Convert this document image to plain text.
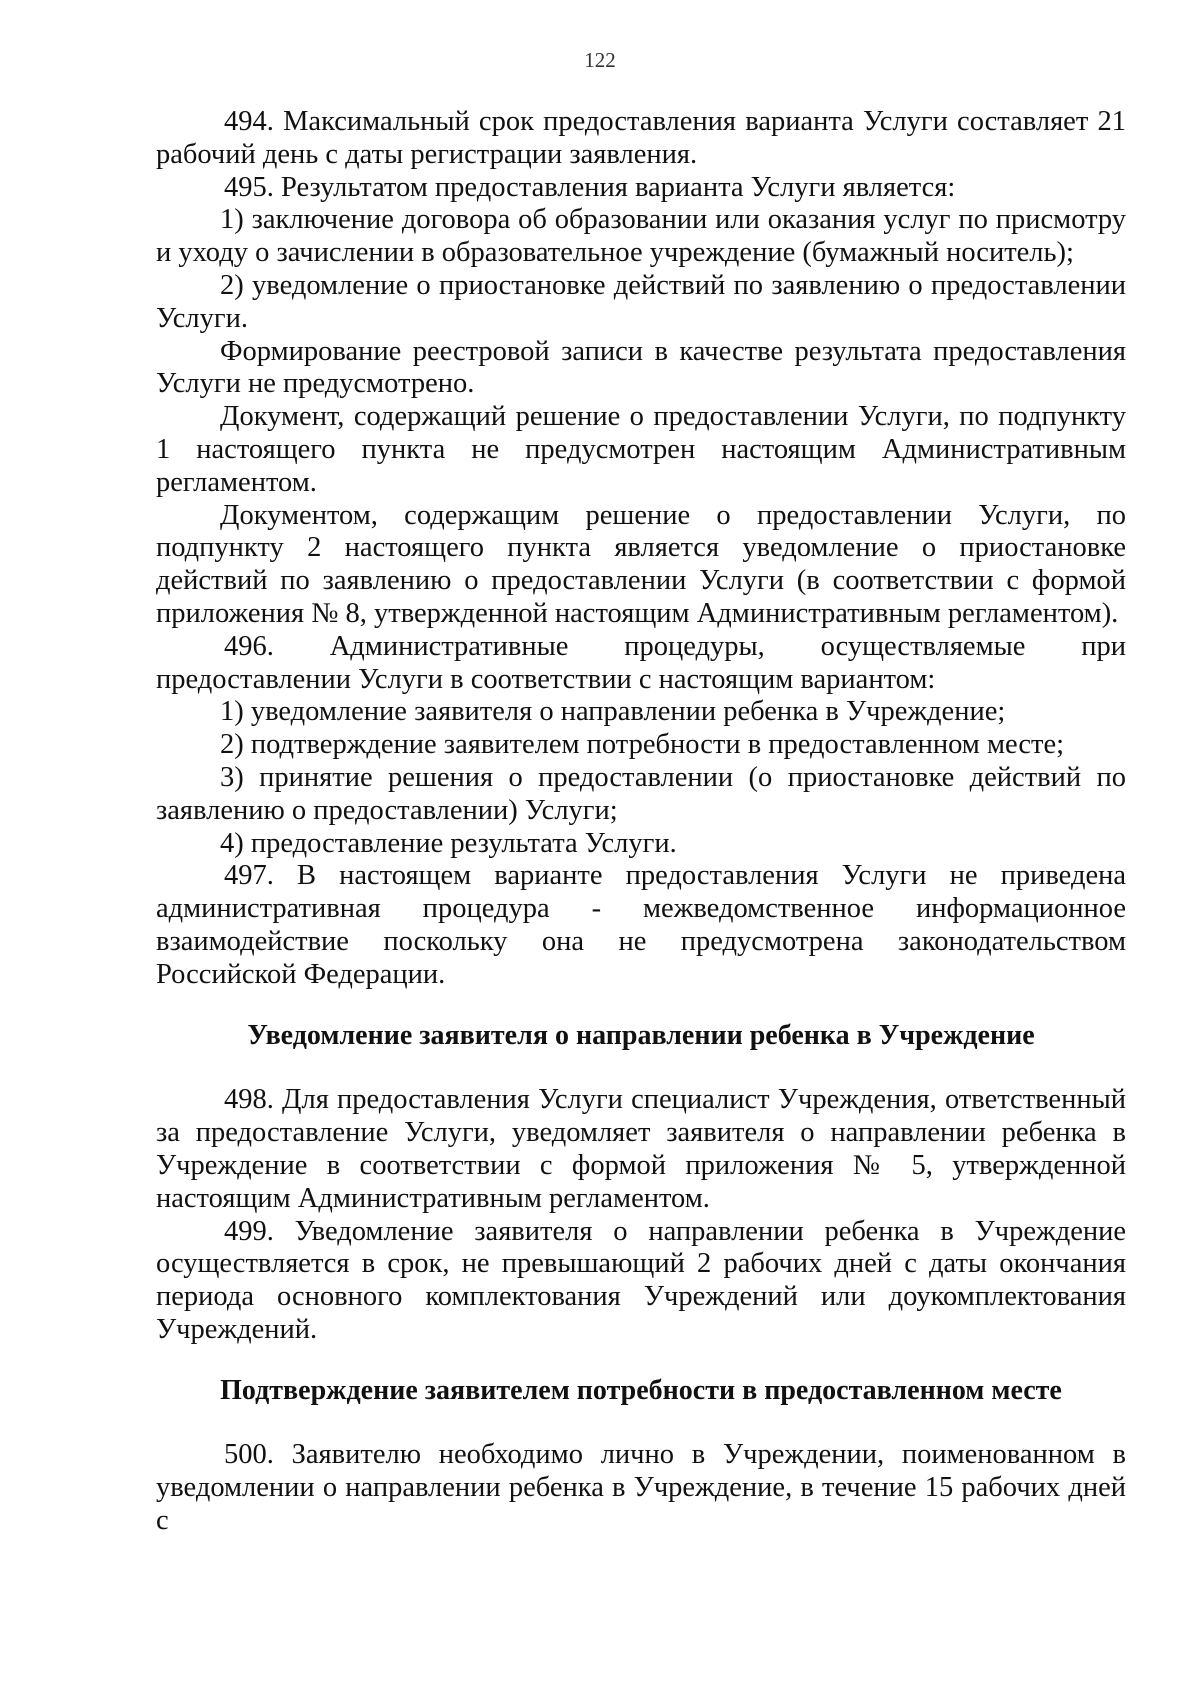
122

494. Максимальный срок предоставления варианта Услуги составляет 21 рабочий день с даты регистрации заявления.

495. Результатом предоставления варианта Услуги является:

1) заключение договора об образовании или оказания услуг по присмотру и уходу о зачислении в образовательное учреждение (бумажный носитель);

2) уведомление о приостановке действий по заявлению о предоставлении Услуги.

Формирование реестровой записи в качестве результата предоставления Услуги не предусмотрено.

Документ, содержащий решение о предоставлении Услуги, по подпункту 1 настоящего пункта не предусмотрен настоящим Административным регламентом.

Документом, содержащим решение о предоставлении Услуги, по подпункту 2 настоящего пункта является уведомление о приостановке действий по заявлению о предоставлении Услуги (в соответствии с формой приложения № 8, утвержденной настоящим Административным регламентом).

496. Административные процедуры, осуществляемые при предоставлении Услуги в соответствии с настоящим вариантом:

1) уведомление заявителя о направлении ребенка в Учреждение;

2) подтверждение заявителем потребности в предоставленном месте;

3) принятие решения о предоставлении (о приостановке действий по заявлению о предоставлении) Услуги;

4) предоставление результата Услуги.

497. В настоящем варианте предоставления Услуги не приведена административная процедура - межведомственное информационное взаимодействие поскольку она не предусмотрена законодательством Российской Федерации.

Уведомление заявителя о направлении ребенка в Учреждение

498. Для предоставления Услуги специалист Учреждения, ответственный за предоставление Услуги, уведомляет заявителя о направлении ребенка в Учреждение в соответствии с формой приложения № 5, утвержденной настоящим Административным регламентом.

499. Уведомление заявителя о направлении ребенка в Учреждение осуществляется в срок, не превышающий 2 рабочих дней с даты окончания периода основного комплектования Учреждений или доукомплектования Учреждений.

Подтверждение заявителем потребности в предоставленном месте

500. Заявителю необходимо лично в Учреждении, поименованном в уведомлении о направлении ребенка в Учреждение, в течение 15 рабочих дней с
